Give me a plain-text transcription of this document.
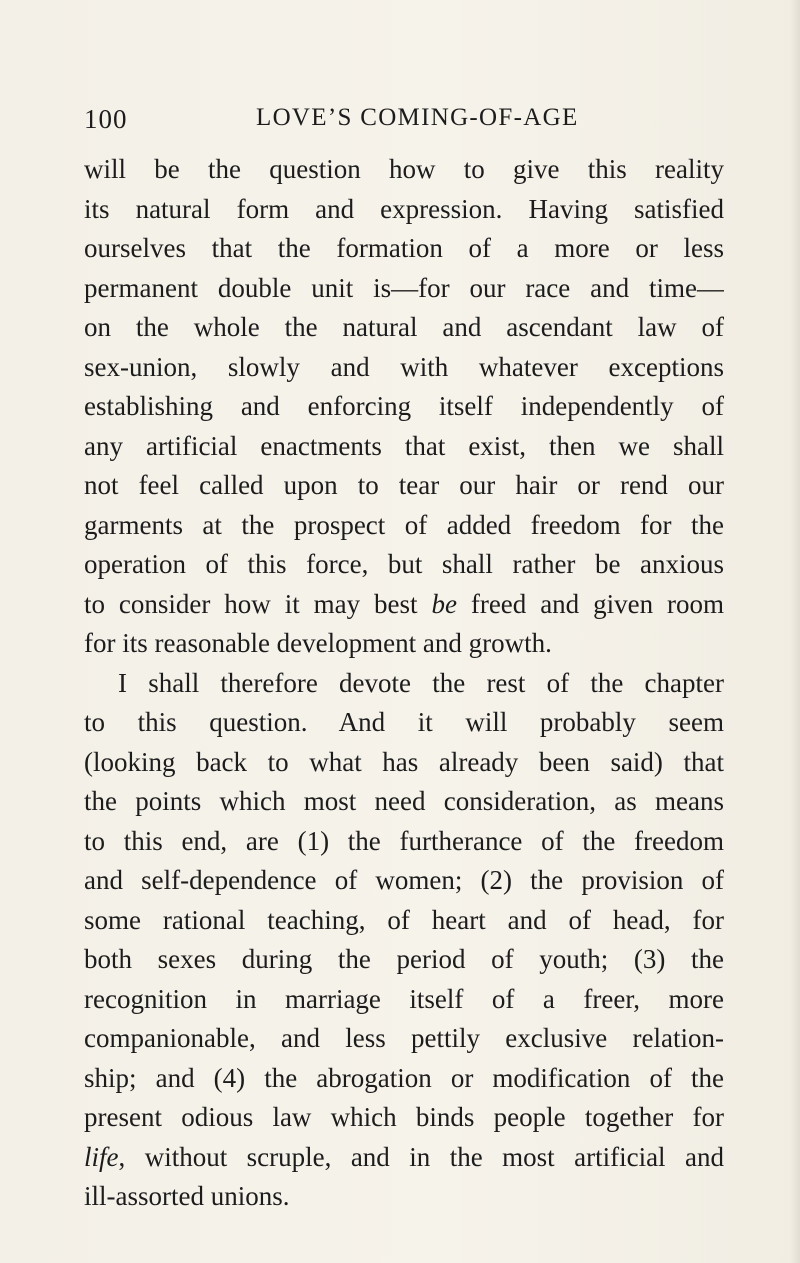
100	LOVE’S COMING-OF-AGE
will be the question how to give this reality
its natural form and expression. Having satisfied
ourselves that the formation of a more or less
permanent double unit is—for our race and time—
on the whole the natural and ascendant law of
sex-union, slowly and with whatever exceptions
establishing and enforcing itself independently of
any artificial enactments that exist, then we shall
not feel called upon to tear our hair or rend our
garments at the prospect of added freedom for the
operation of this force, but shall rather be anxious
to consider how it may best be freed and given room
for its reasonable development and growth.
I shall therefore devote the rest of the chapter
to this question. And it will probably seem
(looking back to what has already been said) that
the points which most need consideration, as means
to this end, are (1) the furtherance of the freedom
and self-dependence of women; (2) the provision of
some rational teaching, of heart and of head, for
both sexes during the period of youth; (3) the
recognition in marriage itself of a freer, more
companionable, and less pettily exclusive relation-
ship; and (4) the abrogation or modification of the
present odious law which binds people together for
life, without scruple, and in the most artificial and
ill-assorted unions.
